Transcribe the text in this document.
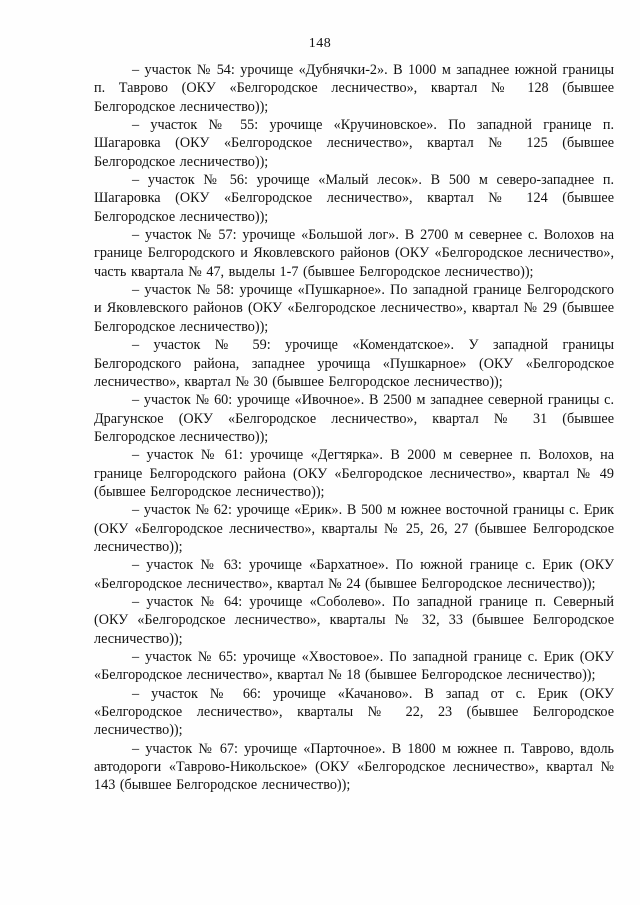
148

– участок № 54: урочище «Дубнячки-2». В 1000 м западнее южной границы п. Таврово (ОКУ «Белгородское лесничество», квартал № 128 (бывшее Белгородское лесничество));

– участок № 55: урочище «Кручиновское». По западной границе п. Шагаровка (ОКУ «Белгородское лесничество», квартал № 125 (бывшее Белгородское лесничество));

– участок № 56: урочище «Малый лесок». В 500 м северо-западнее п. Шагаровка (ОКУ «Белгородское лесничество», квартал № 124 (бывшее Белгородское лесничество));

– участок № 57: урочище «Большой лог». В 2700 м севернее с. Волохов на границе Белгородского и Яковлевского районов (ОКУ «Белгородское лесничество», часть квартала № 47, выделы 1-7 (бывшее Белгородское лесничество));

– участок № 58: урочище «Пушкарное». По западной границе Белгородского и Яковлевского районов (ОКУ «Белгородское лесничество», квартал № 29 (бывшее Белгородское лесничество));

– участок № 59: урочище «Комендатское». У западной границы Белгородского района, западнее урочища «Пушкарное» (ОКУ «Белгородское лесничество», квартал № 30 (бывшее Белгородское лесничество));

– участок № 60: урочище «Ивочное». В 2500 м западнее северной границы с. Драгунское (ОКУ «Белгородское лесничество», квартал № 31 (бывшее Белгородское лесничество));

– участок № 61: урочище «Дегтярка». В 2000 м севернее п. Волохов, на границе Белгородского района (ОКУ «Белгородское лесничество», квартал № 49 (бывшее Белгородское лесничество));

– участок № 62: урочище «Ерик». В 500 м южнее восточной границы с. Ерик (ОКУ «Белгородское лесничество», кварталы № 25, 26, 27 (бывшее Белгородское лесничество));

– участок № 63: урочище «Бархатное». По южной границе с. Ерик (ОКУ «Белгородское лесничество», квартал № 24 (бывшее Белгородское лесничество));

– участок № 64: урочище «Соболево». По западной границе п. Северный (ОКУ «Белгородское лесничество», кварталы № 32, 33 (бывшее Белгородское лесничество));

– участок № 65: урочище «Хвостовое». По западной границе с. Ерик (ОКУ «Белгородское лесничество», квартал № 18 (бывшее Белгородское лесничество));

– участок № 66: урочище «Качановo». В запад от с. Ерик (ОКУ «Белгородское лесничество», кварталы № 22, 23 (бывшее Белгородское лесничество));

– участок № 67: урочище «Парточное». В 1800 м южнее п. Таврово, вдоль автодороги «Таврово-Никольское» (ОКУ «Белгородское лесничество», квартал № 143 (бывшее Белгородское лесничество));
